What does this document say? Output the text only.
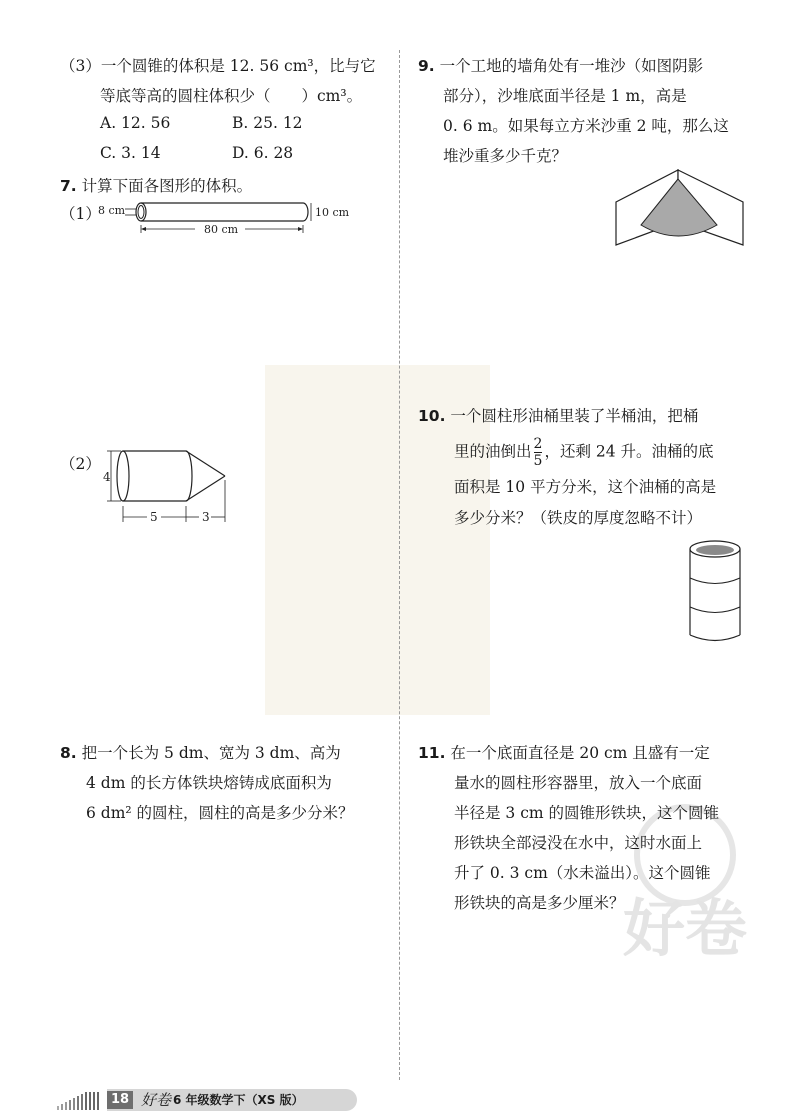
好卷
（3）一个圆锥的体积是 12. 56 cm³，比与它
等底等高的圆柱体积少（　　）cm³。
A. 12. 56	B. 25. 12
C. 3. 14	D. 6. 28
7. 计算下面各图形的体积。
（1）
8 cm
80 cm
10 cm
（2）
4
5	3
8. 把一个长为 5 dm、宽为 3 dm、高为
4 dm 的长方体铁块熔铸成底面积为
6 dm² 的圆柱，圆柱的高是多少分米？
9. 一个工地的墙角处有一堆沙（如图阴影
部分），沙堆底面半径是 1 m，高是
0. 6 m。如果每立方米沙重 2 吨，那么这
堆沙重多少千克？
10. 一个圆柱形油桶里装了半桶油，把桶
里的油倒出 $\frac{2}{5}$ ，还剩 24 升。油桶的底
面积是 10 平方分米，这个油桶的高是
多少分米？（铁皮的厚度忽略不计）
11. 在一个底面直径是 20 cm 且盛有一定
量水的圆柱形容器里，放入一个底面
半径是 3 cm 的圆锥形铁块，这个圆锥
形铁块全部浸没在水中，这时水面上
升了 0. 3 cm（水未溢出）。这个圆锥
形铁块的高是多少厘米？
18 好卷 6 年级数学下（XS 版）
